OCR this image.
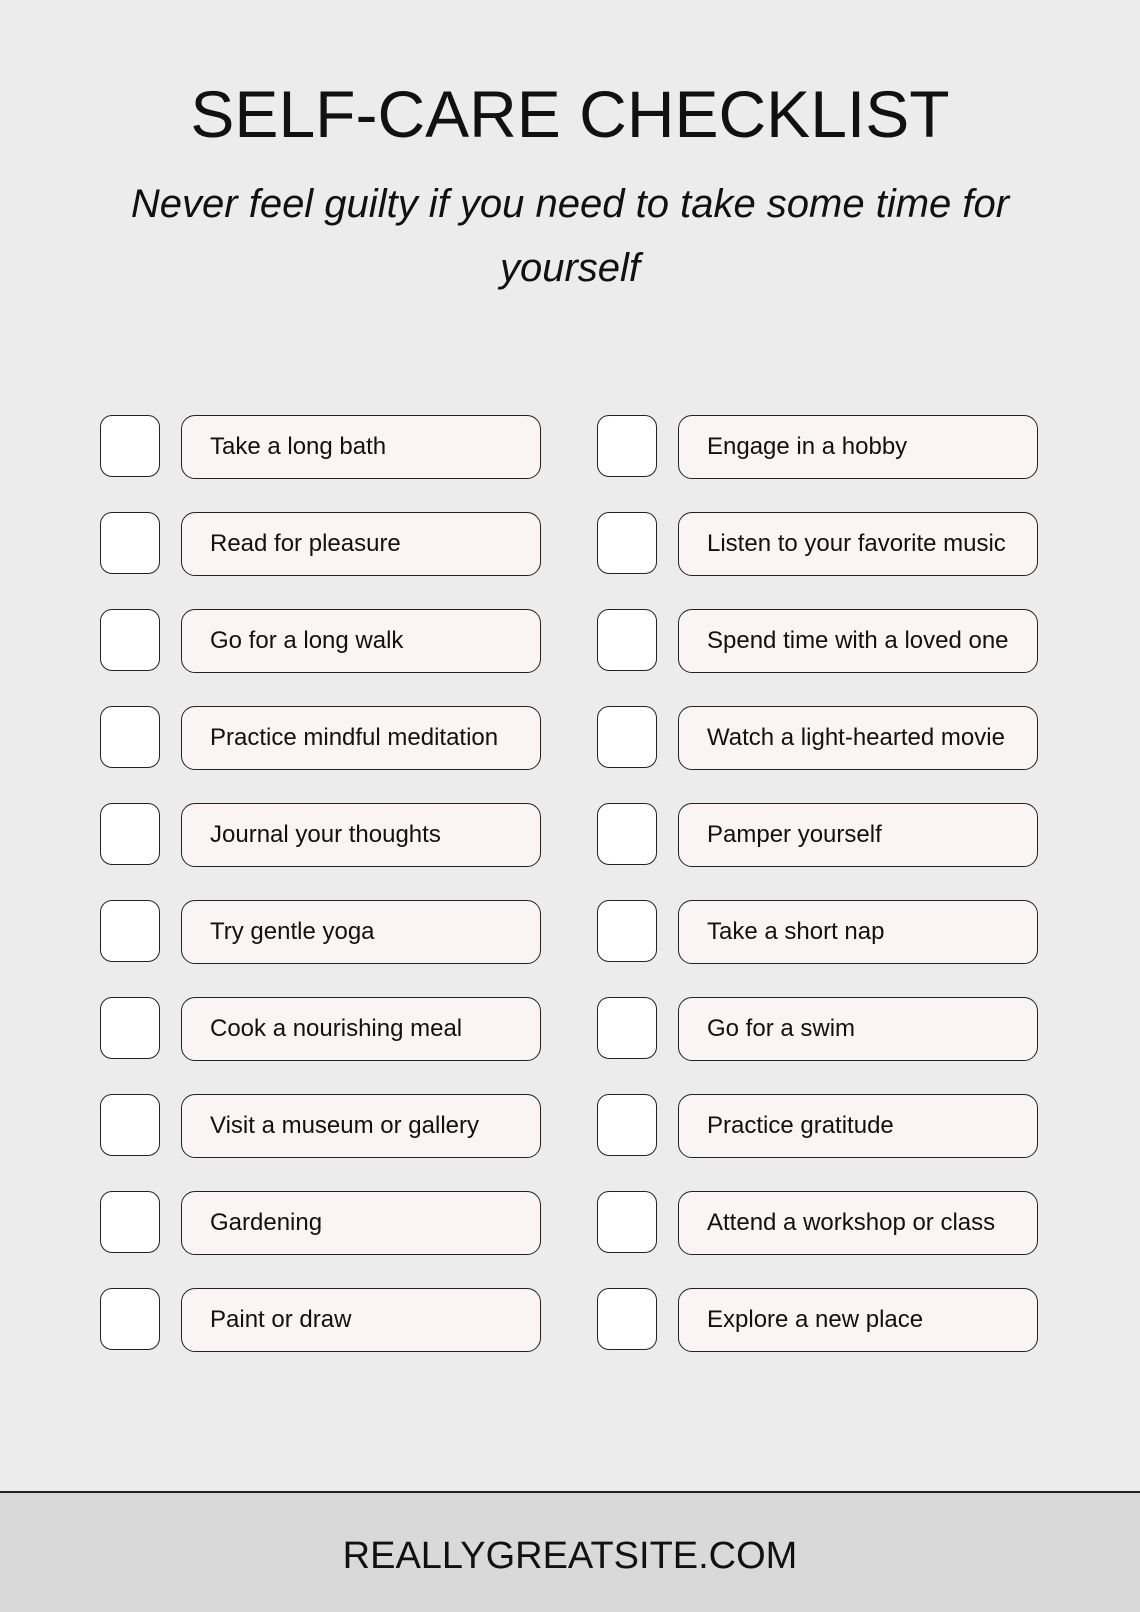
SELF-CARE CHECKLIST

Never feel guilty if you need to take some time for yourself

Take a long bath	Engage in a hobby
Read for pleasure	Listen to your favorite music
Go for a long walk	Spend time with a loved one
Practice mindful meditation	Watch a light-hearted movie
Journal your thoughts	Pamper yourself
Try gentle yoga	Take a short nap
Cook a nourishing meal	Go for a swim
Visit a museum or gallery	Practice gratitude
Gardening	Attend a workshop or class
Paint or draw	Explore a new place
REALLYGREATSITE.COM
